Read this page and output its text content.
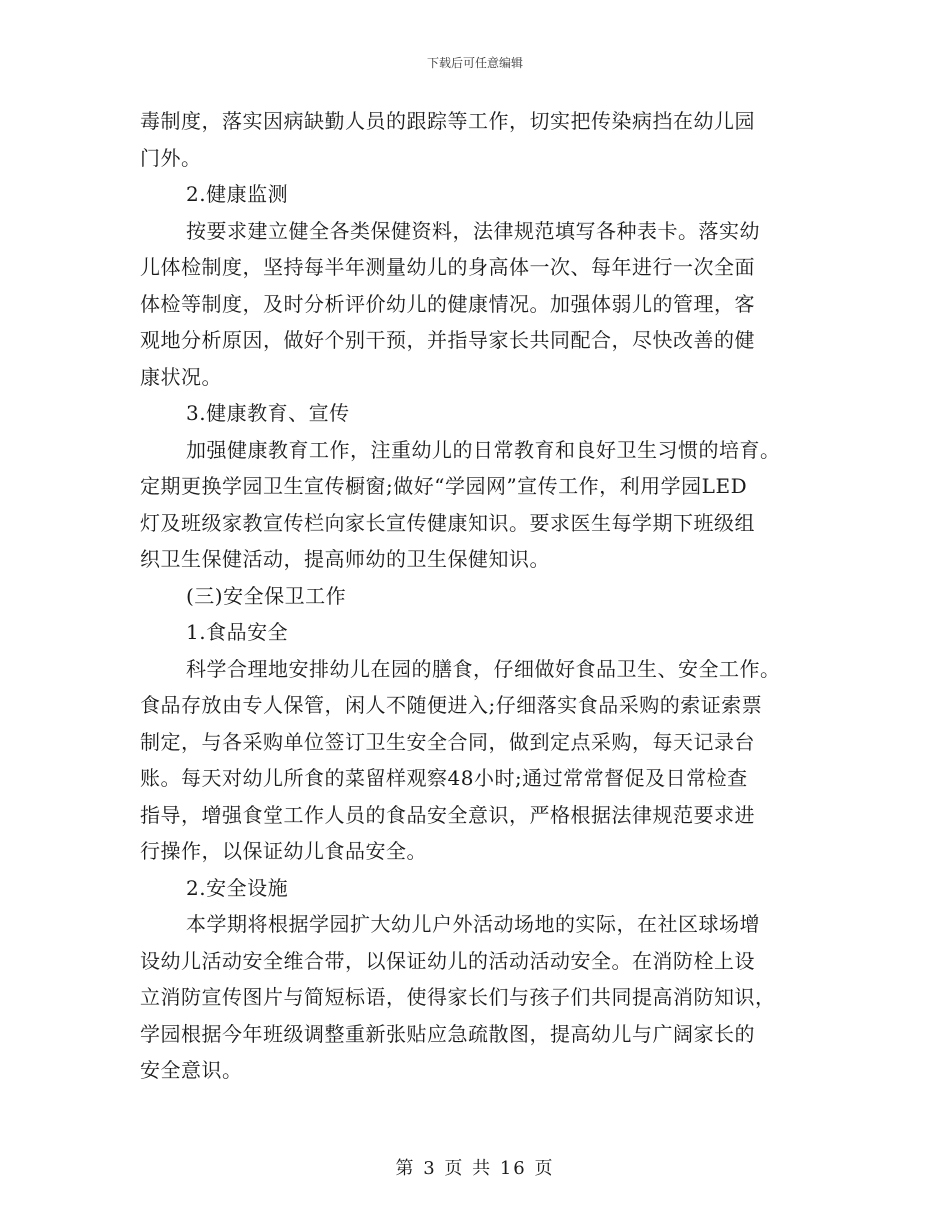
下载后可任意编辑
毒制度，落实因病缺勤人员的跟踪等工作，切实把传染病挡在幼儿园
门外。
2.健康监测
按要求建立健全各类保健资料，法律规范填写各种表卡。落实幼
儿体检制度，坚持每半年测量幼儿的身高体一次、每年进行一次全面
体检等制度，及时分析评价幼儿的健康情况。加强体弱儿的管理，客
观地分析原因，做好个别干预，并指导家长共同配合，尽快改善的健
康状况。
3.健康教育、宣传
加强健康教育工作，注重幼儿的日常教育和良好卫生习惯的培育。
定期更换学园卫生宣传橱窗;做好“学园网”宣传工作，利用学园LED
灯及班级家教宣传栏向家长宣传健康知识。要求医生每学期下班级组
织卫生保健活动，提高师幼的卫生保健知识。
(三)安全保卫工作
1.食品安全
科学合理地安排幼儿在园的膳食，仔细做好食品卫生、安全工作。
食品存放由专人保管，闲人不随便进入;仔细落实食品采购的索证索票
制定，与各采购单位签订卫生安全合同，做到定点采购，每天记录台
账。每天对幼儿所食的菜留样观察48小时;通过常常督促及日常检查
指导，增强食堂工作人员的食品安全意识，严格根据法律规范要求进
行操作，以保证幼儿食品安全。
2.安全设施
本学期将根据学园扩大幼儿户外活动场地的实际，在社区球场增
设幼儿活动安全维合带，以保证幼儿的活动活动安全。在消防栓上设
立消防宣传图片与简短标语，使得家长们与孩子们共同提高消防知识，
学园根据今年班级调整重新张贴应急疏散图，提高幼儿与广阔家长的
安全意识。
第 3 页 共 16 页
